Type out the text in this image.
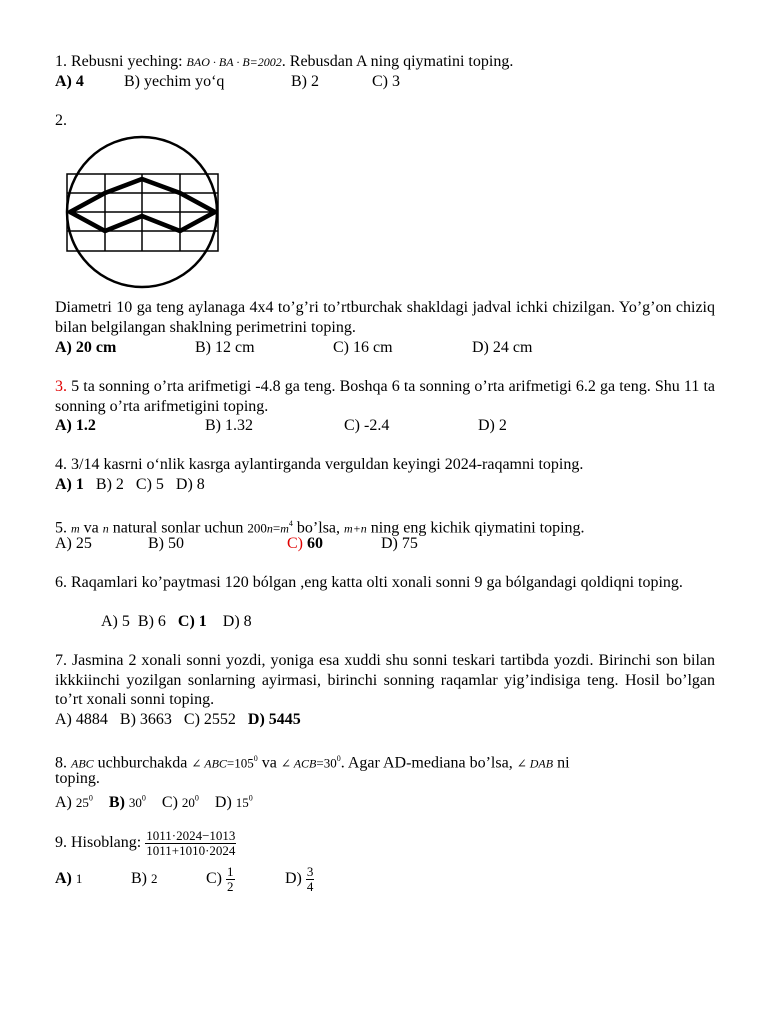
1. Rebusni yeching: BAO · BA · B=2002. Rebusdan A ning qiymatini toping.
A) 4	B) yechim yo‘q	B) 2	C) 3
2.
Diametri 10 ga teng aylanaga 4x4 to’g’ri to’rtburchak shakldagi jadval ichki chizilgan. Yo’g’on chiziq bilan belgilangan shaklning perimetrini toping.
A) 20 cm	B) 12 cm	C) 16 cm	D) 24 cm
3. 5 ta sonning o’rta arifmetigi -4.8 ga teng. Boshqa 6 ta sonning o’rta arifmetigi 6.2 ga teng. Shu 11 ta sonning o’rta arifmetigini toping.
A) 1.2	B) 1.32	C) -2.4	D) 2
4. 3/14 kasrni o‘nlik kasrga aylantirganda verguldan keyingi 2024-raqamni toping.
A) 1 B) 2 C) 5 D) 8
5. m va n natural sonlar uchun $200n=m^4$ bo’lsa, m+n ning eng kichik qiymatini toping.
A) 25	B) 50	C) 60	D) 75
6. Raqamlari ko’paytmasi 120 bólgan ,eng katta olti xonali sonni 9 ga bólgandagi qoldiqni toping.
A) 5 B) 6 C) 1 D) 8
7. Jasmina 2 xonali sonni yozdi, yoniga esa xuddi shu sonni teskari tartibda yozdi. Birinchi son bilan ikkkiinchi yozilgan sonlarning ayirmasi, birinchi sonning raqamlar yig’indisiga teng. Hosil bo’lgan to’rt xonali sonni toping.
A) 4884 B) 3663 C) 2552 D) 5445
8. ABC uchburchakda ∠ $ABC=105^0$ va ∠ $ACB=30^0$. Agar AD-mediana bo’lsa, ∠ DAB ni
toping.
A) $25^0$ B) $30^0$ C) $20^0$ D) $15^0$
9. Hisoblang: $\frac{1011\cdot 2024-1013}{1011+1010\cdot 2024}$
A) 1	B) 2	$C) \frac{1}{2}$	$D) \frac{3}{4}$
